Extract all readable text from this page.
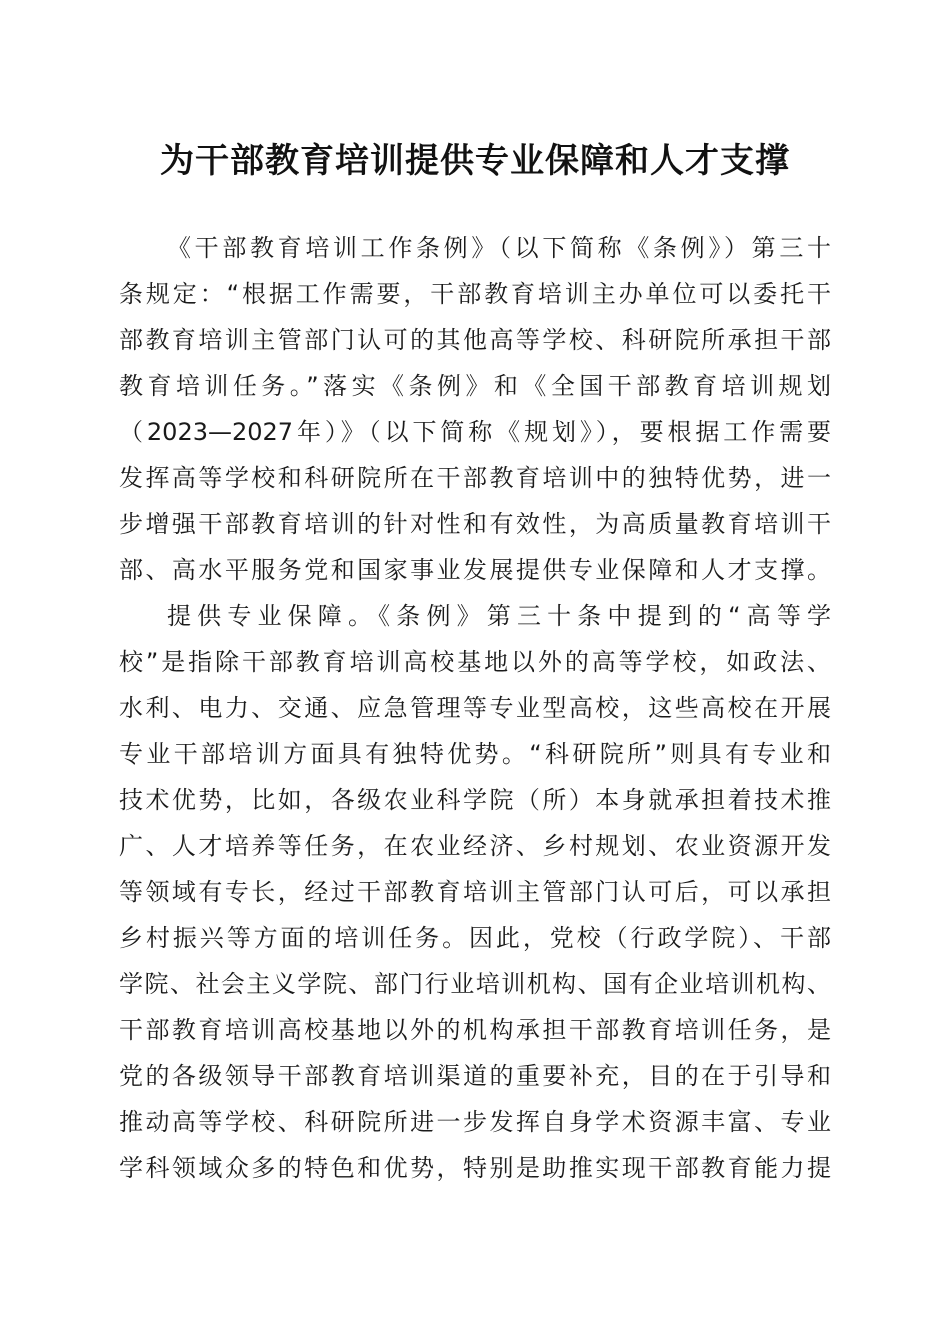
为干部教育培训提供专业保障和人才支撑
《干部教育培训工作条例》（以下简称《条例》）第三十
条规定：“根据工作需要，干部教育培训主办单位可以委托干
部教育培训主管部门认可的其他高等学校、科研院所承担干部
教育培训任务。”落实《条例》和《全国干部教育培训规划
（2023—2027年）》（以下简称《规划》），要根据工作需要
发挥高等学校和科研院所在干部教育培训中的独特优势，进一
步增强干部教育培训的针对性和有效性，为高质量教育培训干
部、高水平服务党和国家事业发展提供专业保障和人才支撑。
提供专业保障。《条例》第三十条中提到的“高等学
校”是指除干部教育培训高校基地以外的高等学校，如政法、
水利、电力、交通、应急管理等专业型高校，这些高校在开展
专业干部培训方面具有独特优势。“科研院所”则具有专业和
技术优势，比如，各级农业科学院（所）本身就承担着技术推
广、人才培养等任务，在农业经济、乡村规划、农业资源开发
等领域有专长，经过干部教育培训主管部门认可后，可以承担
乡村振兴等方面的培训任务。因此，党校（行政学院）、干部
学院、社会主义学院、部门行业培训机构、国有企业培训机构、
干部教育培训高校基地以外的机构承担干部教育培训任务，是
党的各级领导干部教育培训渠道的重要补充，目的在于引导和
推动高等学校、科研院所进一步发挥自身学术资源丰富、专业
学科领域众多的特色和优势，特别是助推实现干部教育能力提
